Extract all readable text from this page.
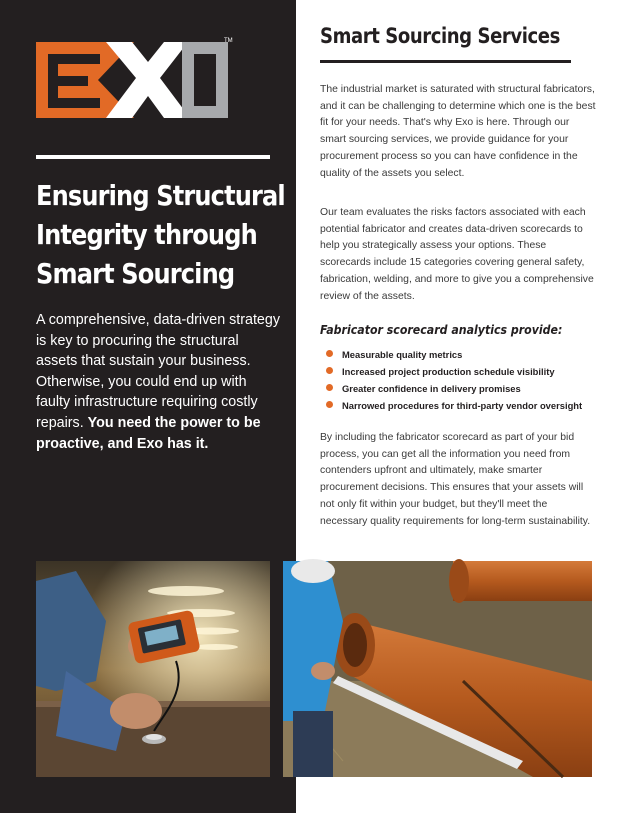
TM
Ensuring Structural
Integrity through
Smart Sourcing
A comprehensive, data-driven strategy is key to procuring the structural assets that sustain your business. Otherwise, you could end up with faulty infrastructure requiring costly repairs. You need the power to be proactive, and Exo has it.
Smart Sourcing Services
The industrial market is saturated with structural fabricators, and it can be challenging to determine which one is the best fit for your needs. That's why Exo is here. Through our smart sourcing services, we provide guidance for your procurement process so you can have confidence in the quality of the assets you select.
Our team evaluates the risks factors associated with each potential fabricator and creates data-driven scorecards to help you strategically assess your options. These scorecards include 15 categories covering general safety, fabrication, welding, and more to give you a comprehensive review of the assets.
Fabricator scorecard analytics provide:
Measurable quality metrics
Increased project production schedule visibility
Greater confidence in delivery promises
Narrowed procedures for third-party vendor oversight
By including the fabricator scorecard as part of your bid process, you can get all the information you need from contenders upfront and ultimately, make smarter procurement decisions. This ensures that your assets will not only fit within your budget, but they'll meet the necessary quality requirements for long-term sustainability.
